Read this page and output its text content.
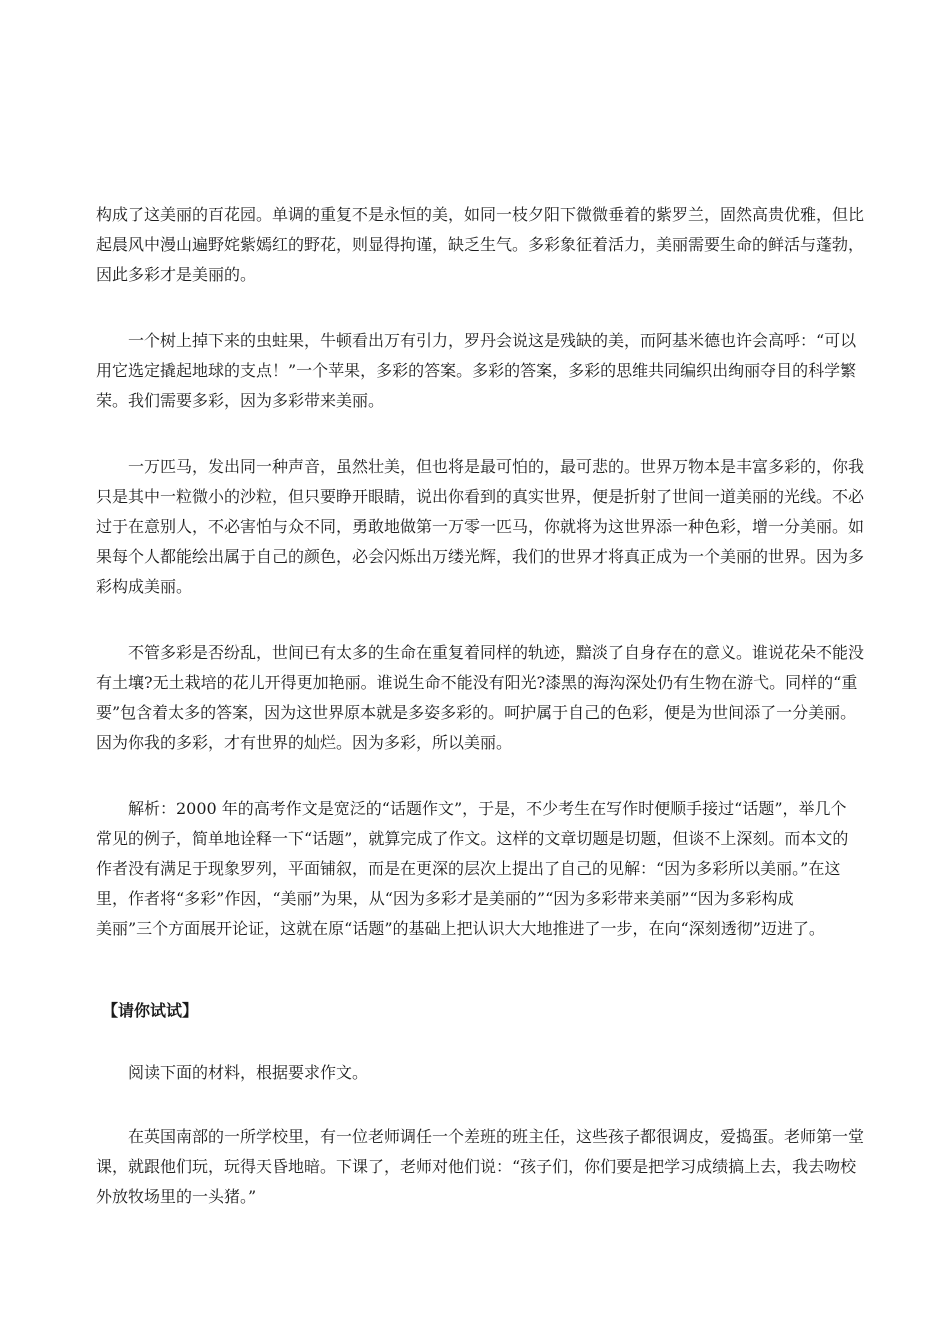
构成了这美丽的百花园。单调的重复不是永恒的美，如同一枝夕阳下微微垂着的紫罗兰，固然高贵优雅，但比
起晨风中漫山遍野姹紫嫣红的野花，则显得拘谨，缺乏生气。多彩象征着活力，美丽需要生命的鲜活与蓬勃，
因此多彩才是美丽的。
一个树上掉下来的虫蛀果，牛顿看出万有引力，罗丹会说这是残缺的美，而阿基米德也许会高呼：“可以
用它选定撬起地球的支点！”一个苹果，多彩的答案。多彩的答案，多彩的思维共同编织出绚丽夺目的科学繁
荣。我们需要多彩，因为多彩带来美丽。
一万匹马，发出同一种声音，虽然壮美，但也将是最可怕的，最可悲的。世界万物本是丰富多彩的，你我
只是其中一粒微小的沙粒，但只要睁开眼睛，说出你看到的真实世界，便是折射了世间一道美丽的光线。不必
过于在意别人，不必害怕与众不同，勇敢地做第一万零一匹马，你就将为这世界添一种色彩，增一分美丽。如
果每个人都能绘出属于自己的颜色，必会闪烁出万缕光辉，我们的世界才将真正成为一个美丽的世界。因为多
彩构成美丽。
不管多彩是否纷乱，世间已有太多的生命在重复着同样的轨迹，黯淡了自身存在的意义。谁说花朵不能没
有土壤?无土栽培的花儿开得更加艳丽。谁说生命不能没有阳光?漆黑的海沟深处仍有生物在游弋。同样的“重
要”包含着太多的答案，因为这世界原本就是多姿多彩的。呵护属于自己的色彩，便是为世间添了一分美丽。
因为你我的多彩，才有世界的灿烂。因为多彩，所以美丽。
解析：2000 年的高考作文是宽泛的“话题作文”，于是，不少考生在写作时便顺手接过“话题”，举几个
常见的例子，简单地诠释一下“话题”，就算完成了作文。这样的文章切题是切题，但谈不上深刻。而本文的
作者没有满足于现象罗列，平面铺叙，而是在更深的层次上提出了自己的见解：“因为多彩所以美丽。”在这
里，作者将“多彩”作因，“美丽”为果，从“因为多彩才是美丽的”“因为多彩带来美丽”“因为多彩构成
美丽”三个方面展开论证，这就在原“话题”的基础上把认识大大地推进了一步，在向“深刻透彻”迈进了。
【请你试试】
阅读下面的材料，根据要求作文。
在英国南部的一所学校里，有一位老师调任一个差班的班主任，这些孩子都很调皮，爱捣蛋。老师第一堂
课，就跟他们玩，玩得天昏地暗。下课了，老师对他们说：“孩子们，你们要是把学习成绩搞上去，我去吻校
外放牧场里的一头猪。”
